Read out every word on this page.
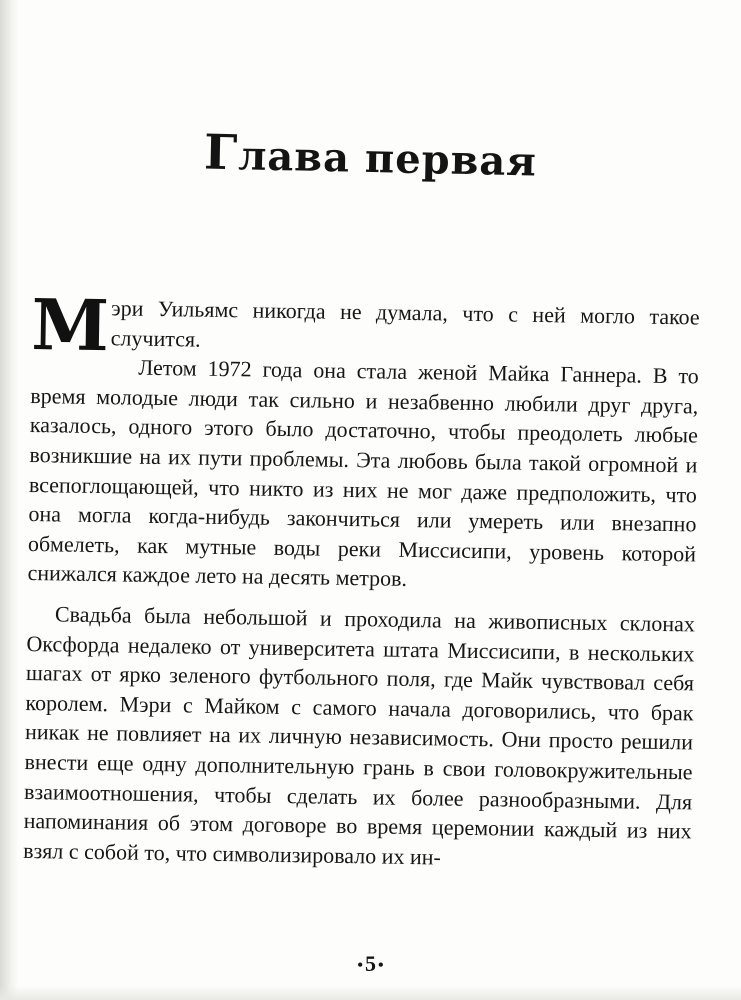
Глава первая

Мэри Уильямс никогда не думала, что с ней могло такое случится.

Летом 1972 года она стала женой Майка Ганнера. В то время молодые люди так сильно и незабвенно любили друг друга, казалось, одного этого было достаточно, чтобы преодолеть любые возникшие на их пути проблемы. Эта любовь была такой огромной и всепоглощающей, что никто из них не мог даже предположить, что она могла когда-нибудь закончиться или умереть или внезапно обмелеть, как мутные воды реки Миссисипи, уровень которой снижался каждое лето на десять метров.

Свадьба была небольшой и проходила на живописных склонах Оксфорда недалеко от университета штата Миссисипи, в нескольких шагах от ярко зеленого футбольного поля, где Майк чувствовал себя королем. Мэри с Майком с самого начала договорились, что брак никак не повлияет на их личную независимость. Они просто решили внести еще одну дополнительную грань в свои головокружительные взаимоотношения, чтобы сделать их более разнообразными. Для напоминания об этом договоре во время церемонии каждый из них взял с собой то, что символизировало их ин-

•5 •
